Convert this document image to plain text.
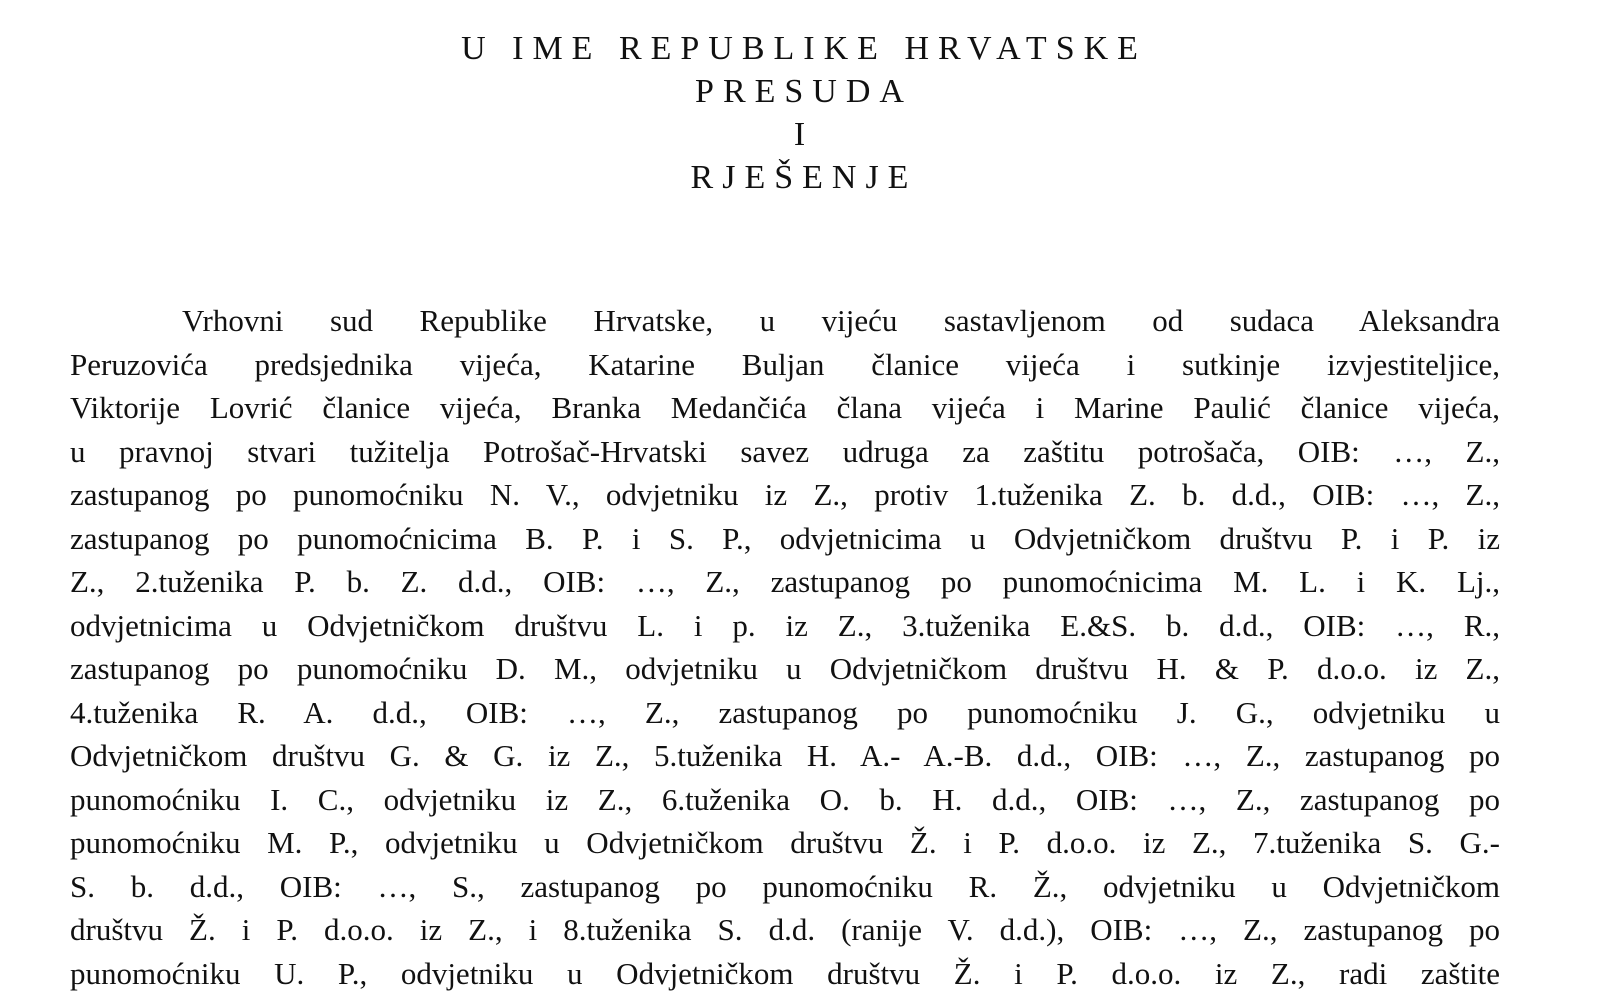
U IME REPUBLIKE HRVATSKE
PRESUDA
I
RJEŠENJE
Vrhovni sud Republike Hrvatske, u vijeću sastavljenom od sudaca Aleksandra
Peruzovića predsjednika vijeća, Katarine Buljan članice vijeća i sutkinje izvjestiteljice,
Viktorije Lovrić članice vijeća, Branka Medančića člana vijeća i Marine Paulić članice vijeća,
u pravnoj stvari tužitelja Potrošač-Hrvatski savez udruga za zaštitu potrošača, OIB: …, Z.,
zastupanog po punomoćniku N. V., odvjetniku iz Z., protiv 1.tuženika Z. b. d.d., OIB: …, Z.,
zastupanog po punomoćnicima B. P. i S. P., odvjetnicima u Odvjetničkom društvu P. i P. iz
Z., 2.tuženika P. b. Z. d.d., OIB: …, Z., zastupanog po punomoćnicima M. L. i K. Lj.,
odvjetnicima u Odvjetničkom društvu L. i p. iz Z., 3.tuženika E.&S. b. d.d., OIB: …, R.,
zastupanog po punomoćniku D. M., odvjetniku u Odvjetničkom društvu H. & P. d.o.o. iz Z.,
4.tuženika R. A. d.d., OIB: …, Z., zastupanog po punomoćniku J. G., odvjetniku u
Odvjetničkom društvu G. & G. iz Z., 5.tuženika H. A.- A.-B. d.d., OIB: …, Z., zastupanog po
punomoćniku I. C., odvjetniku iz Z., 6.tuženika O. b. H. d.d., OIB: …, Z., zastupanog po
punomoćniku M. P., odvjetniku u Odvjetničkom društvu Ž. i P. d.o.o. iz Z., 7.tuženika S. G.-
S. b. d.d., OIB: …, S., zastupanog po punomoćniku R. Ž., odvjetniku u Odvjetničkom
društvu Ž. i P. d.o.o. iz Z., i 8.tuženika S. d.d. (ranije V. d.d.), OIB: …, Z., zastupanog po
punomoćniku U. P., odvjetniku u Odvjetničkom društvu Ž. i P. d.o.o. iz Z., radi zaštite
